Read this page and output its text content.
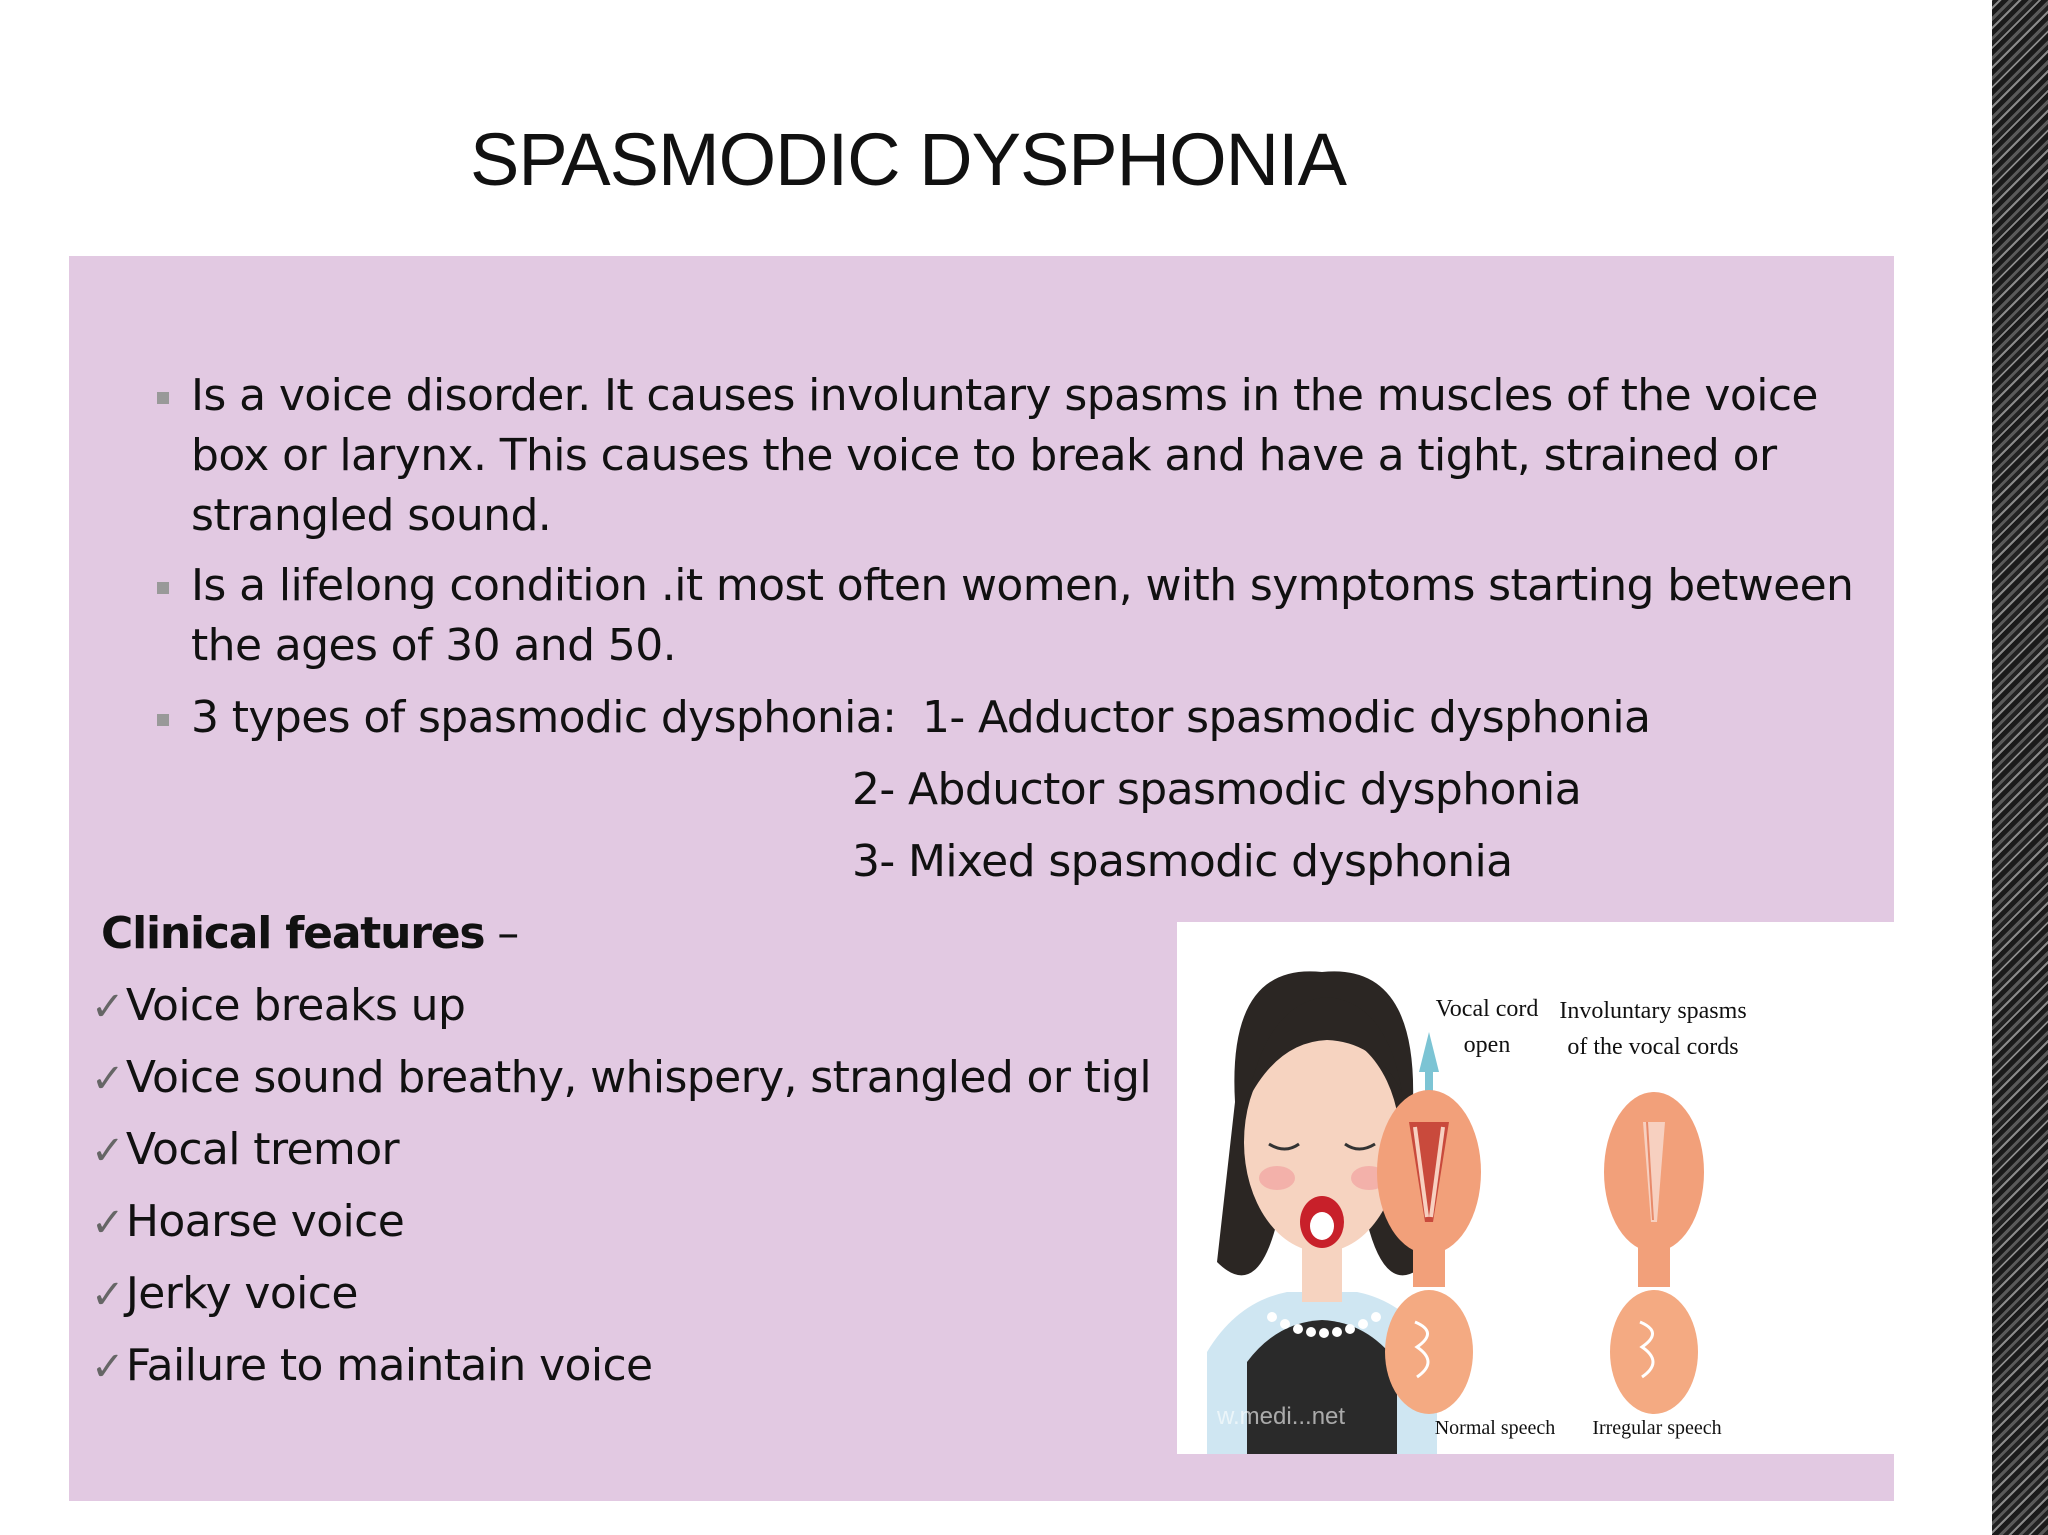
SPASMODIC DYSPHONIA
Is a voice disorder. It causes involuntary spasms in the muscles of the voice box or larynx. This causes the voice to break and have a tight, strained or strangled sound.
Is a lifelong condition .it most often women, with symptoms starting between the ages of 30 and 50.
3 types of spasmodic dysphonia: 1- Adductor spasmodic dysphonia
2- Abductor spasmodic dysphonia
3- Mixed spasmodic dysphonia
Clinical features –
✓Voice breaks up
✓Voice sound breathy, whispery, strangled or tigl
✓Vocal tremor
✓Hoarse voice
✓Jerky voice
✓Failure to maintain voice
Vocal cord
open
Involuntary spasms
of the vocal cords
Normal speech Irregular speech
w.medi...net
